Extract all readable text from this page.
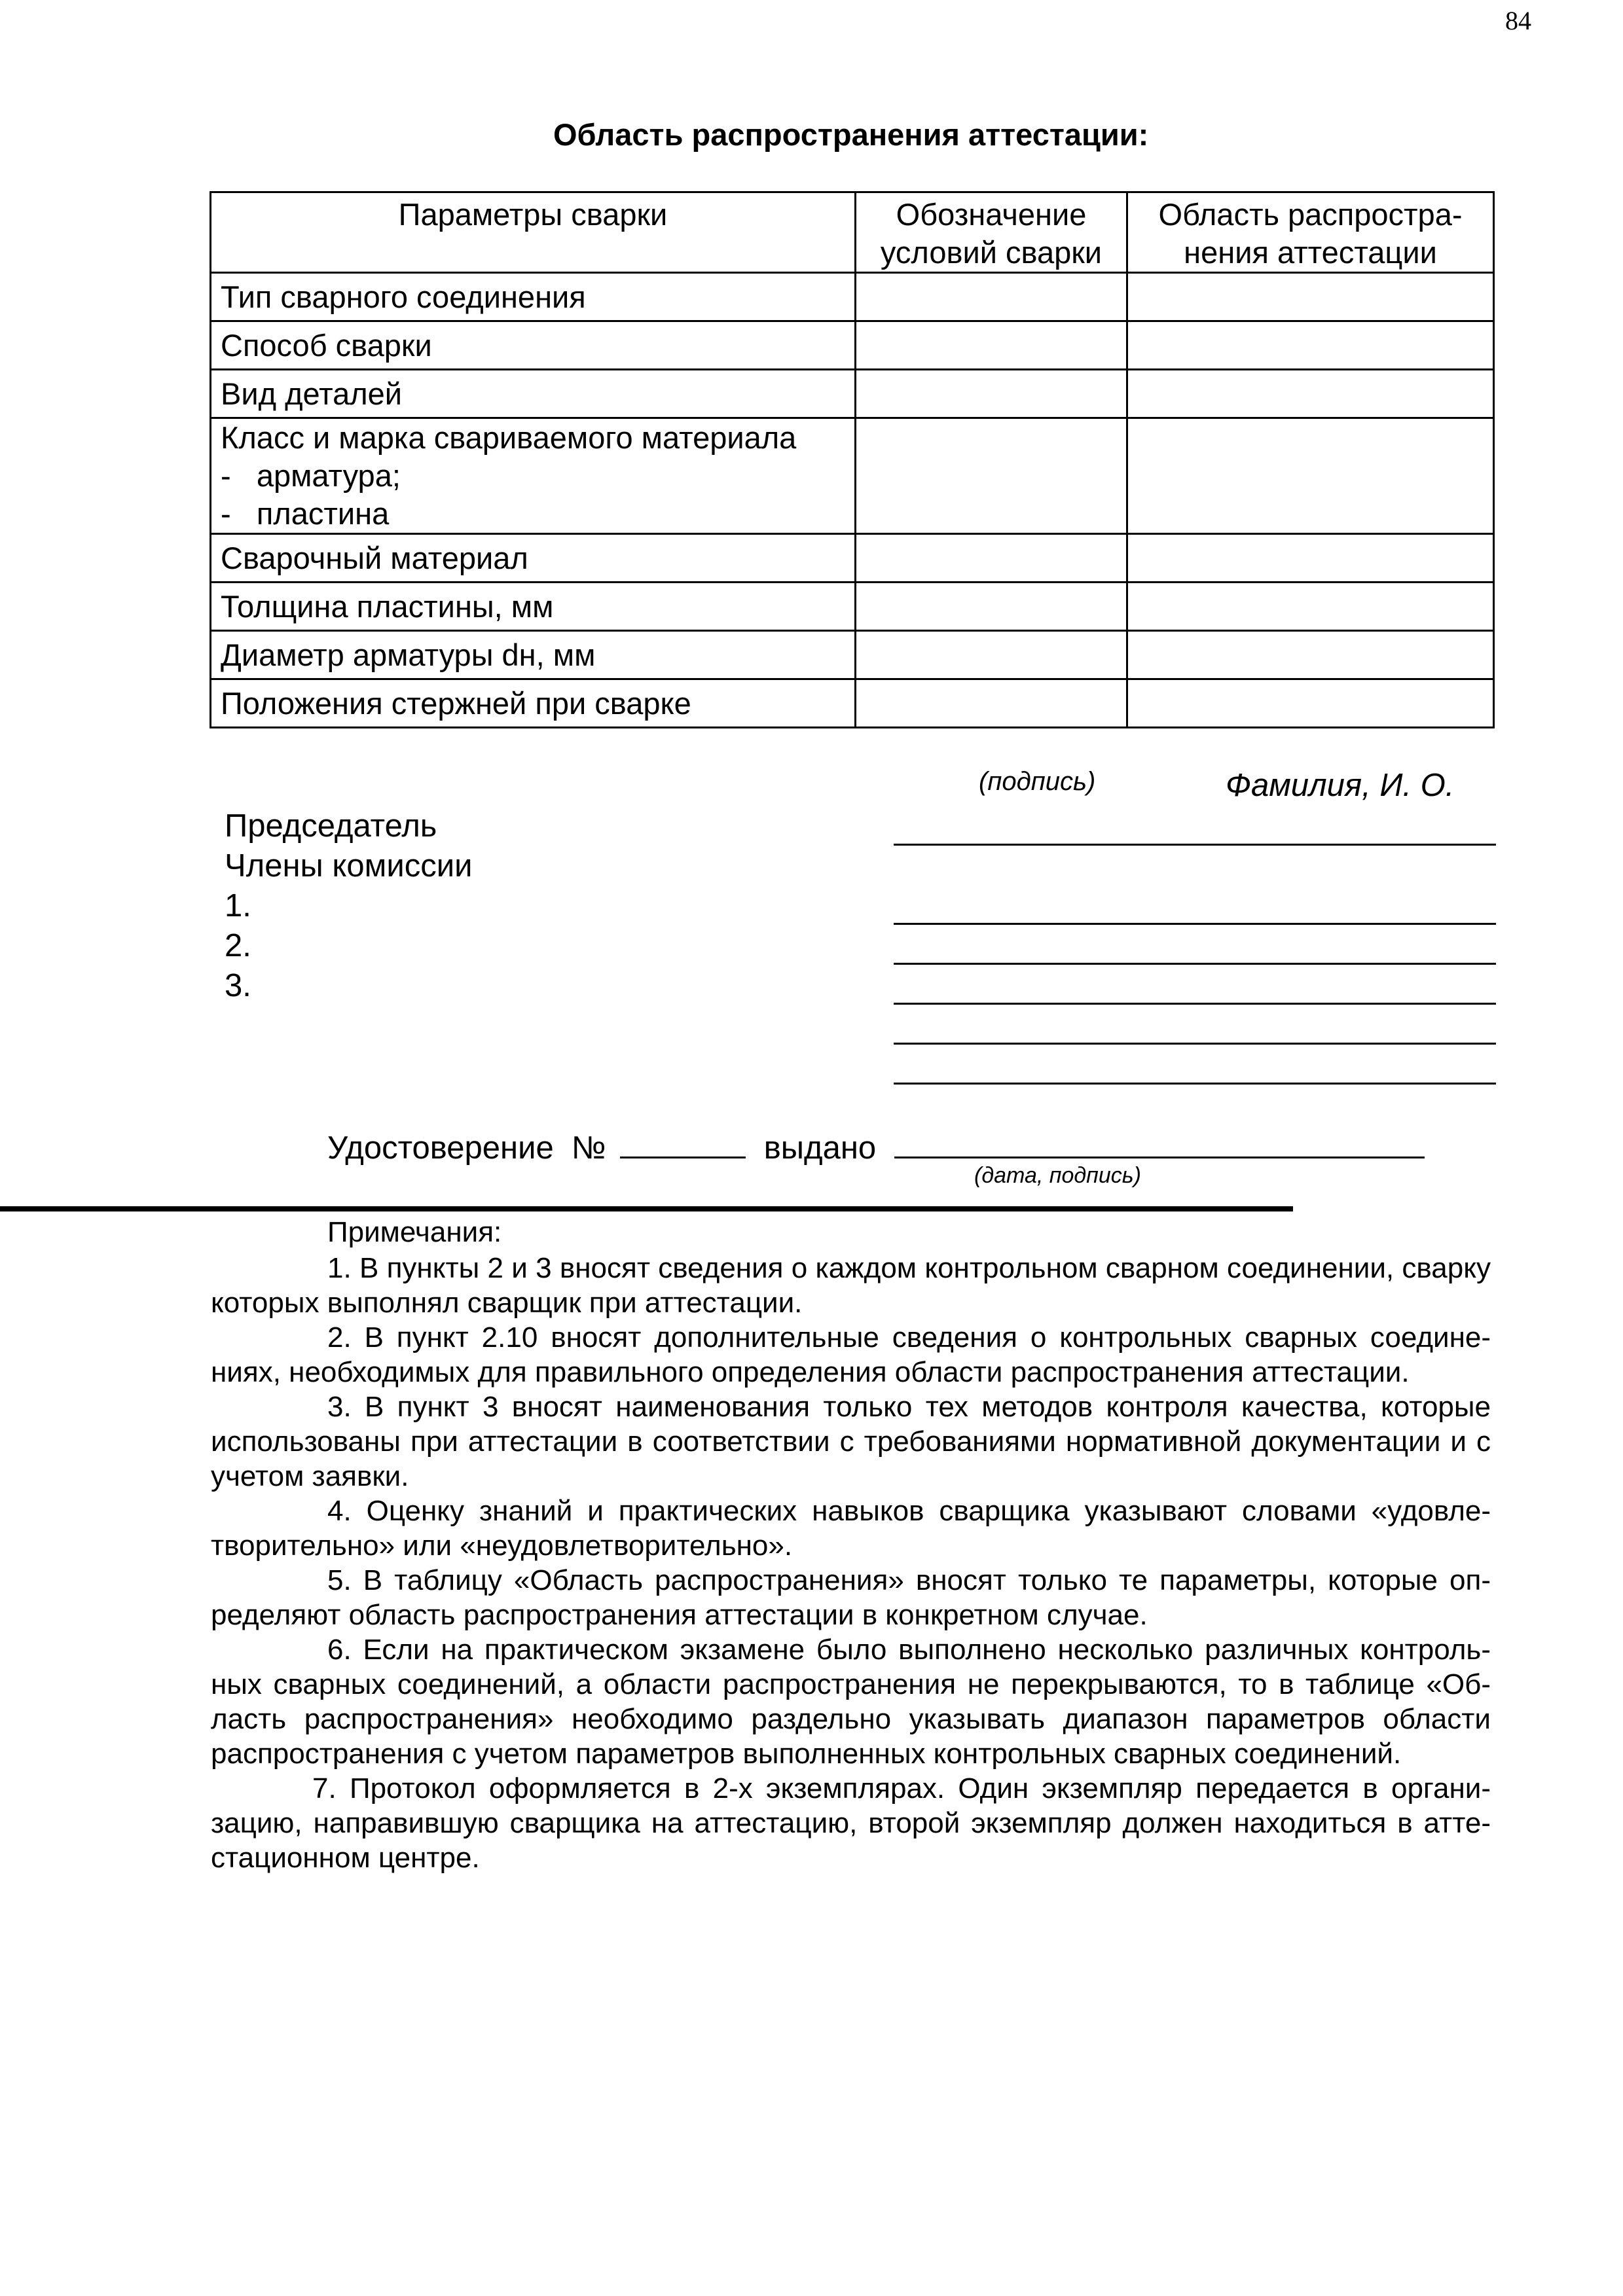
84
Область распространения аттестации:
Параметры сварки	Обозначение условий сварки	Область распростра-нения аттестации
Тип сварного соединения		
Способ сварки		
Вид деталей		

Класс и марка свариваемого материала
-   арматура;
-   пластина		

Сварочный материал		
Толщина пластины, мм		
Диаметр арматуры dн, мм		
Положения стержней при сварке		
(подпись)	Фамилия, И. О.
Председатель
Члены комиссии
1.
2.
3.
Удостоверение  №	выдано
(дата, подпись)
Примечания:

1. В пункты 2 и 3 вносят сведения о каждом контрольном сварном соединении, сварку которых выполнял сварщик при аттестации.

2. В пункт 2.10 вносят дополнительные сведения о контрольных сварных соедине-ниях, необходимых для правильного определения области распространения аттестации.

3. В пункт 3 вносят наименования только тех методов контроля качества, которые использованы при аттестации в соответствии с требованиями нормативной документации и с учетом заявки.

4. Оценку знаний и практических навыков сварщика указывают словами «удовле-творительно» или «неудовлетворительно».

5. В таблицу «Область распространения» вносят только те параметры, которые оп-ределяют область распространения аттестации в конкретном случае.

6. Если на практическом экзамене было выполнено несколько различных контроль-ных сварных соединений, а области распространения не перекрываются, то в таблице «Об-ласть распространения» необходимо раздельно указывать диапазон параметров области распространения с учетом параметров выполненных контрольных сварных соединений.

7. Протокол оформляется в 2-х экземплярах. Один экземпляр передается в органи-зацию, направившую сварщика на аттестацию, второй экземпляр должен находиться в атте-стационном центре.
